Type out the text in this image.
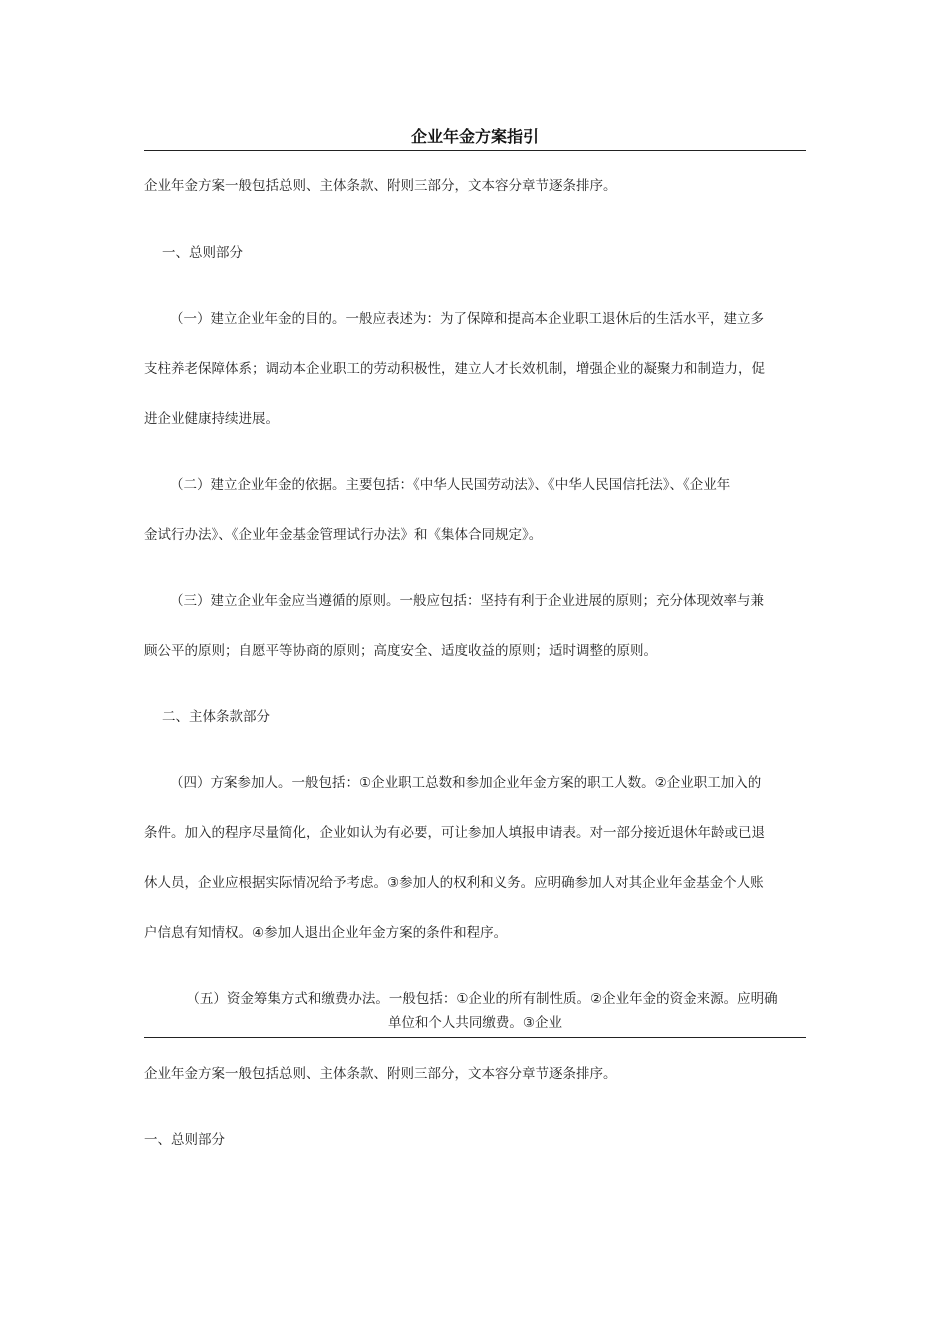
企业年金方案指引
企业年金方案一般包括总则、主体条款、附则三部分，文本容分章节逐条排序。
一、总则部分
（一）建立企业年金的目的。一般应表述为：为了保障和提高本企业职工退休后的生活水平，建立多
支柱养老保障体系；调动本企业职工的劳动积极性，建立人才长效机制，增强企业的凝聚力和制造力，促
进企业健康持续进展。
（二）建立企业年金的依据。主要包括：《中华人民国劳动法》、《中华人民国信托法》、《企业年
金试行办法》、《企业年金基金管理试行办法》和《集体合同规定》。
（三）建立企业年金应当遵循的原则。一般应包括：坚持有利于企业进展的原则；充分体现效率与兼
顾公平的原则；自愿平等协商的原则；高度安全、适度收益的原则；适时调整的原则。
二、主体条款部分
（四）方案参加人。一般包括：①企业职工总数和参加企业年金方案的职工人数。②企业职工加入的
条件。加入的程序尽量简化，企业如认为有必要，可让参加人填报申请表。对一部分接近退休年龄或已退
休人员，企业应根据实际情况给予考虑。③参加人的权利和义务。应明确参加人对其企业年金基金个人账
户信息有知情权。④参加人退出企业年金方案的条件和程序。
（五）资金筹集方式和缴费办法。一般包括：①企业的所有制性质。②企业年金的资金来源。应明确
单位和个人共同缴费。③企业
企业年金方案一般包括总则、主体条款、附则三部分，文本容分章节逐条排序。
一、总则部分
